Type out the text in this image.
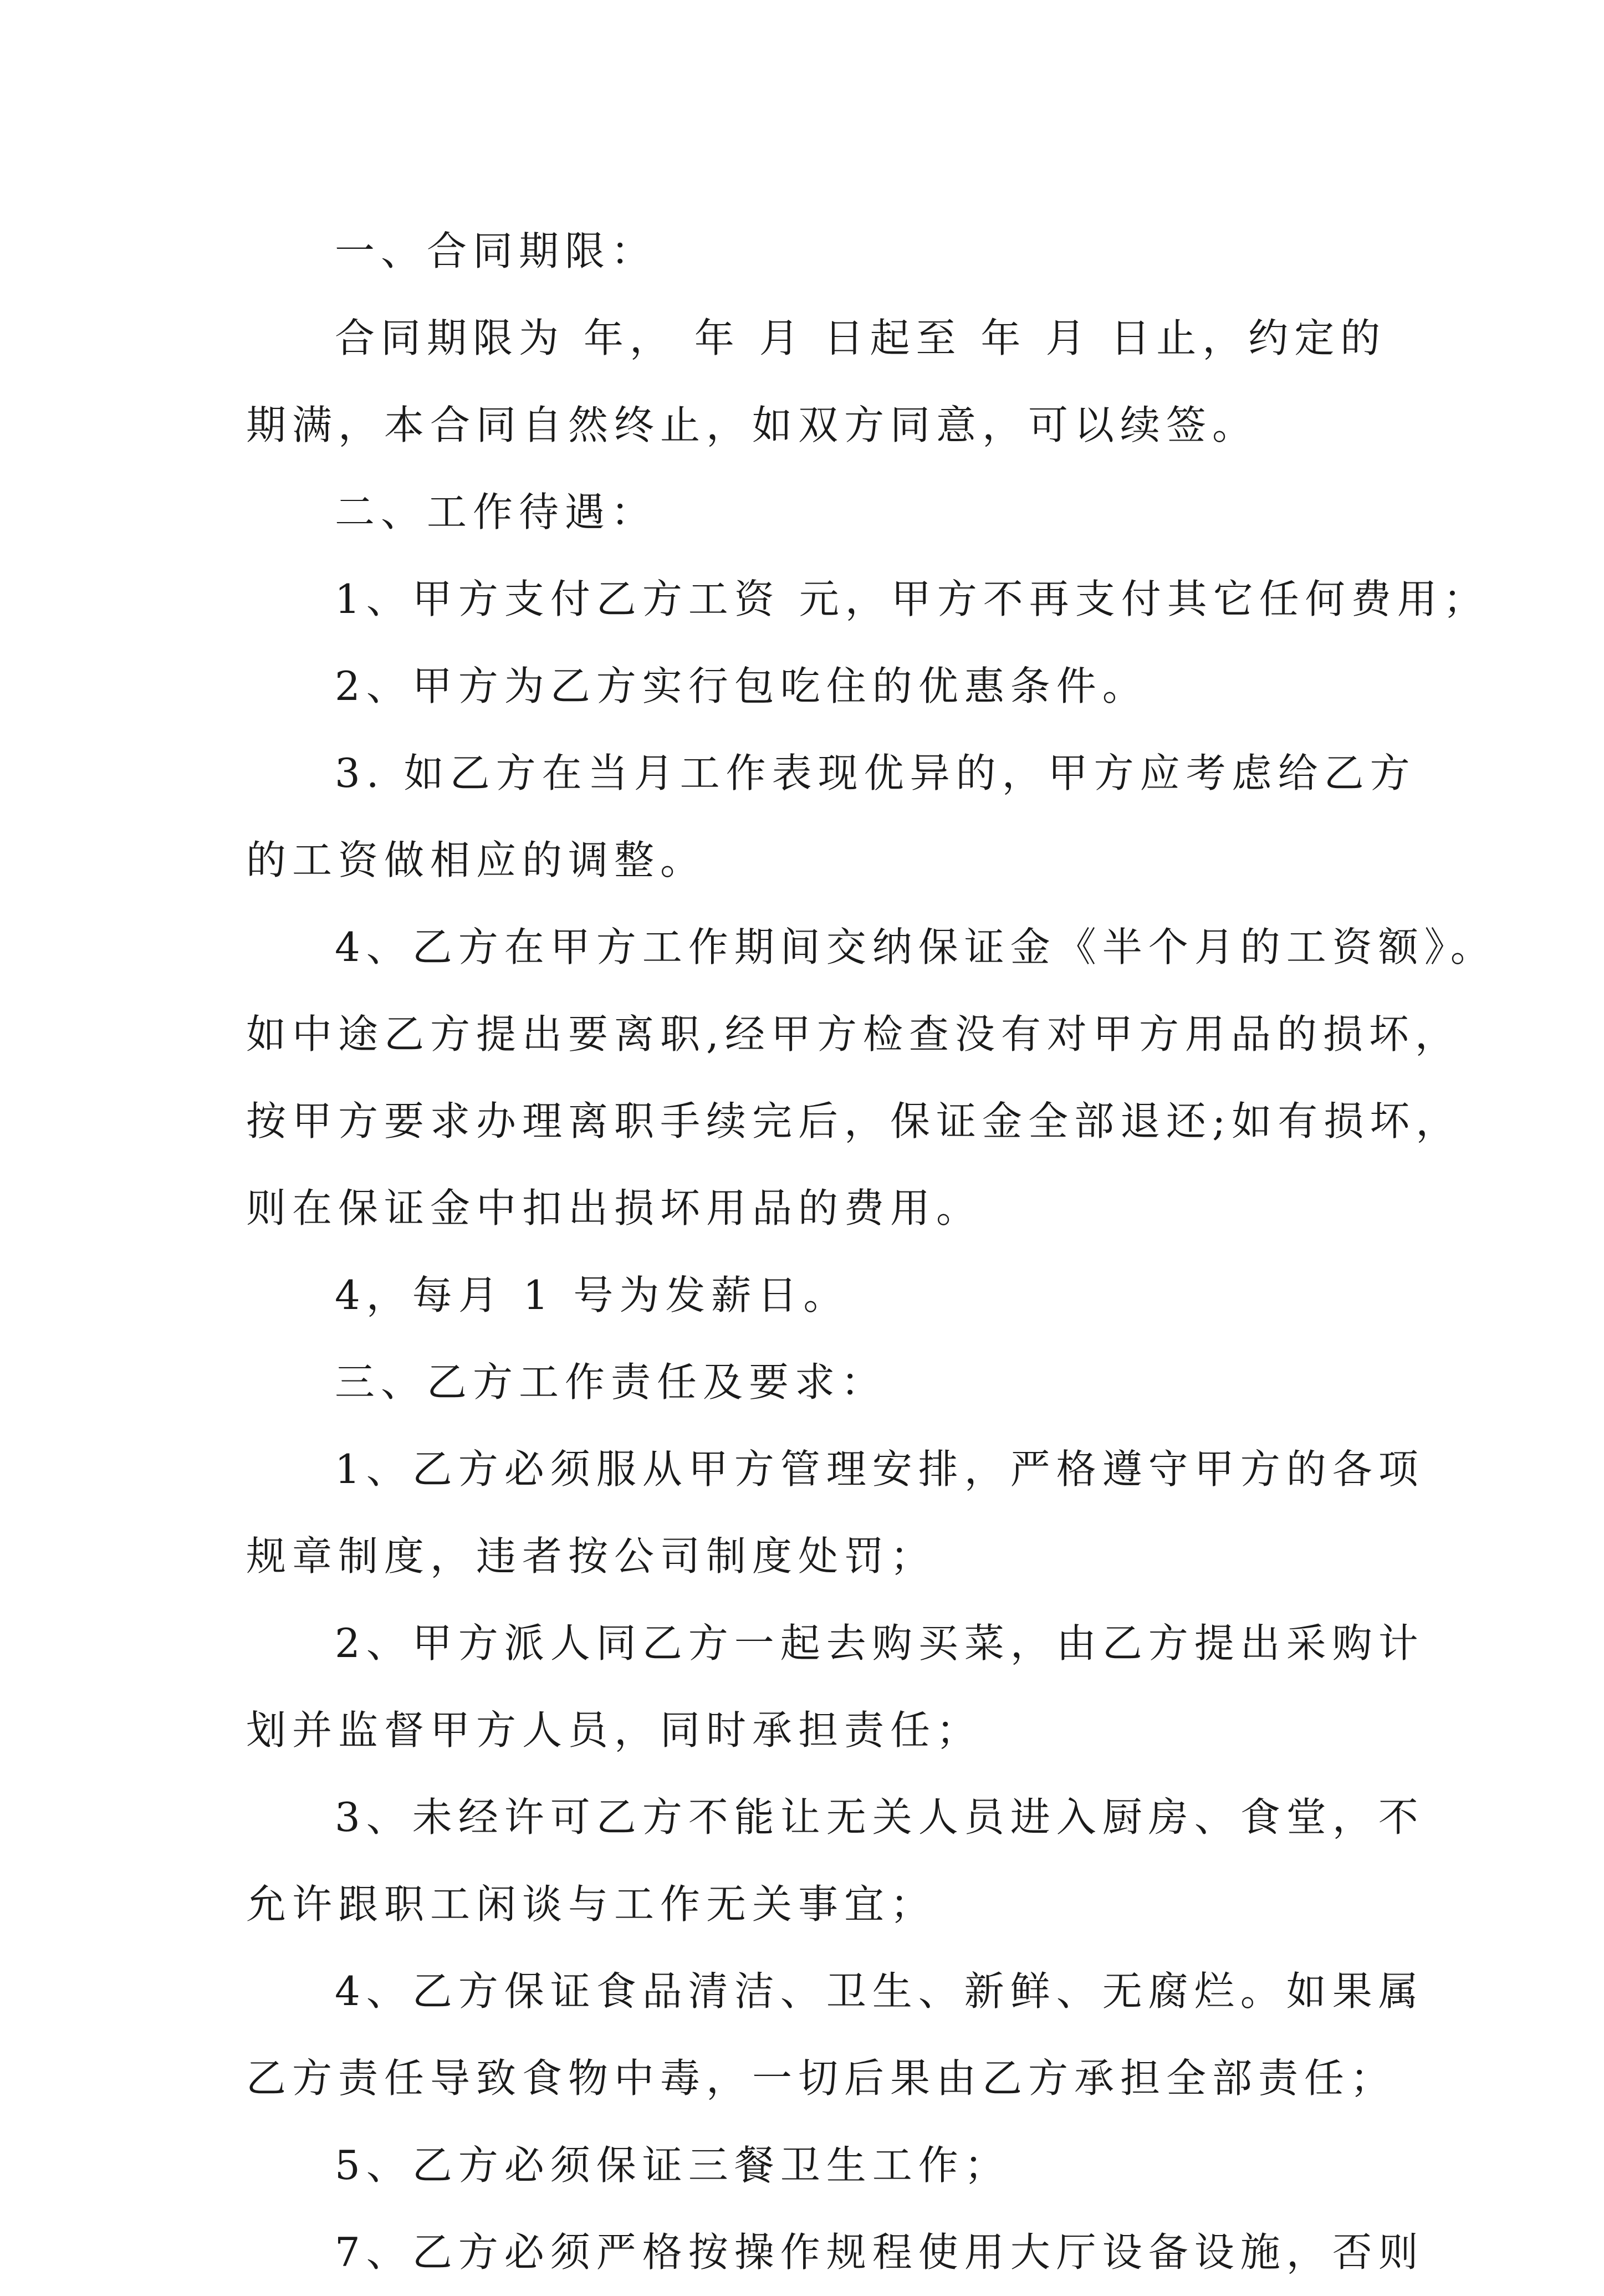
一、合同期限：
合同期限为 年， 年 月 日起至 年 月 日止，约定的
期满，本合同自然终止，如双方同意，可以续签。
二、工作待遇：
1、甲方支付乙方工资 元，甲方不再支付其它任何费用；
2、甲方为乙方实行包吃住的优惠条件。
3. 如乙方在当月工作表现优异的，甲方应考虑给乙方
的工资做相应的调整。
4、乙方在甲方工作期间交纳保证金《半个月的工资额》。
如中途乙方提出要离职,经甲方检查没有对甲方用品的损坏，
按甲方要求办理离职手续完后，保证金全部退还;如有损坏，
则在保证金中扣出损坏用品的费用。
4，每月 1 号为发薪日。
三、乙方工作责任及要求：
1、乙方必须服从甲方管理安排，严格遵守甲方的各项
规章制度，违者按公司制度处罚；
2、甲方派人同乙方一起去购买菜，由乙方提出采购计
划并监督甲方人员，同时承担责任；
3、未经许可乙方不能让无关人员进入厨房、食堂，不
允许跟职工闲谈与工作无关事宜；
4、乙方保证食品清洁、卫生、新鲜、无腐烂。如果属
乙方责任导致食物中毒，一切后果由乙方承担全部责任；
5、乙方必须保证三餐卫生工作；
7、乙方必须严格按操作规程使用大厅设备设施，否则
